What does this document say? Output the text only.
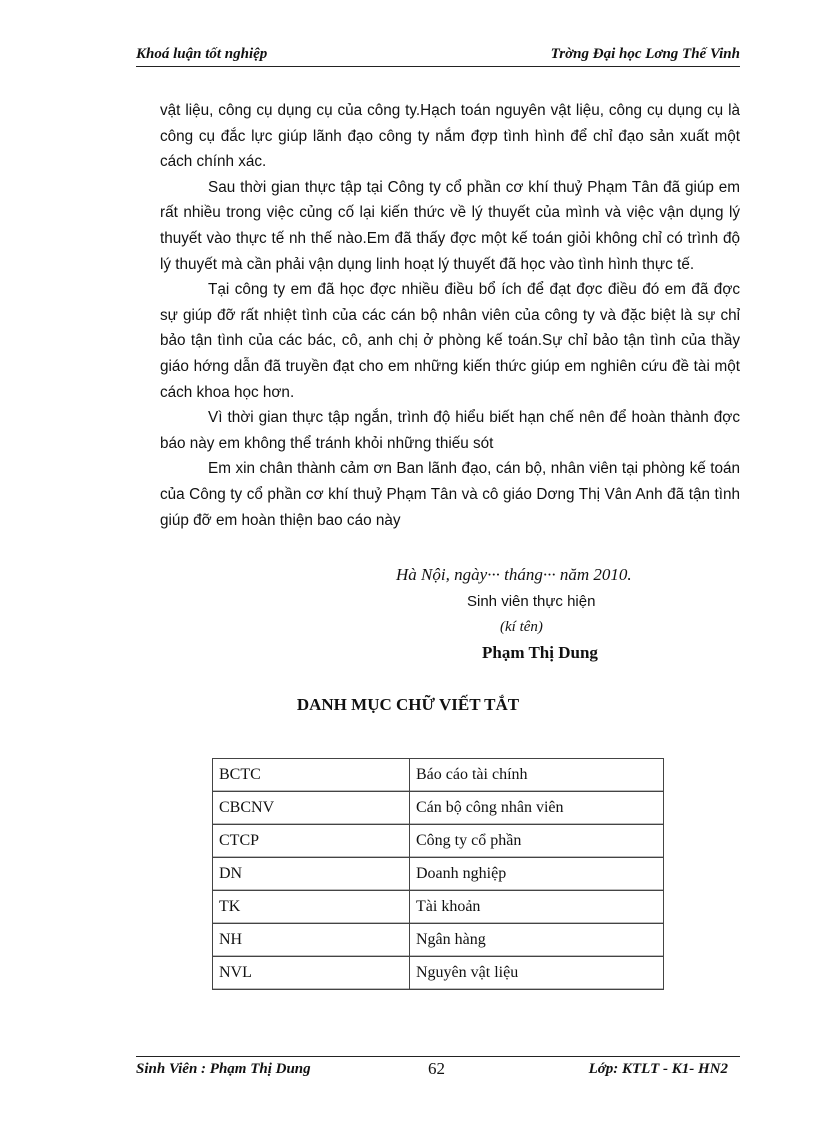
Khoá luận tốt nghiệp	Trờng Đại học Lơng Thế Vinh

vật liệu, công cụ dụng cụ của công ty.Hạch toán nguyên vật liệu, công cụ dụng cụ là công cụ đắc lực giúp lãnh đạo công ty nắm đợp tình hình để chỉ đạo sản xuất một cách chính xác.

Sau thời gian thực tập tại Công ty cổ phần cơ khí thuỷ Phạm Tân đã giúp em rất nhiều trong việc củng cố lại kiến thức về lý thuyết của mình và việc vận dụng lý thuyết vào thực tế nh thế nào.Em đã thấy đợc một kế toán giỏi không chỉ có trình độ lý thuyết mà cần phải vận dụng linh hoạt lý thuyết đã học vào tình hình thực tế.

Tại công ty em đã học đợc nhiều điều bổ ích để đạt đợc điều đó em đã đợc sự giúp đỡ rất nhiệt tình của các cán bộ nhân viên của công ty và đặc biệt là sự chỉ bảo tận tình của các bác, cô, anh chị ở phòng kế toán.Sự chỉ bảo tận tình của thầy giáo hớng dẫn đã truyền đạt cho em những kiến thức giúp em nghiên cứu đề tài một cách khoa học hơn.

Vì thời gian thực tập ngắn, trình độ hiểu biết hạn chế nên để hoàn thành đợc báo này em không thể tránh khỏi những thiếu sót

Em xin chân thành cảm ơn Ban lãnh đạo, cán bộ, nhân viên tại phòng kế toán của Công ty cổ phần cơ khí thuỷ Phạm Tân và cô giáo Dơng Thị Vân Anh đã tận tình giúp đỡ em hoàn thiện bao cáo này

Hà Nội, ngày··· tháng··· năm 2010.
Sinh viên thực hiện
(kí tên)
Phạm Thị Dung
DANH MỤC CHỮ VIẾT TẮT
BCTC	Báo cáo tài chính
CBCNV	Cán bộ công nhân viên
CTCP	Công ty cổ phần
DN	Doanh nghiệp
TK	Tài khoản
NH	Ngân hàng
NVL	Nguyên vật liệu
Sinh Viên : Phạm Thị Dung	62	Lớp: KTLT - K1- HN2
